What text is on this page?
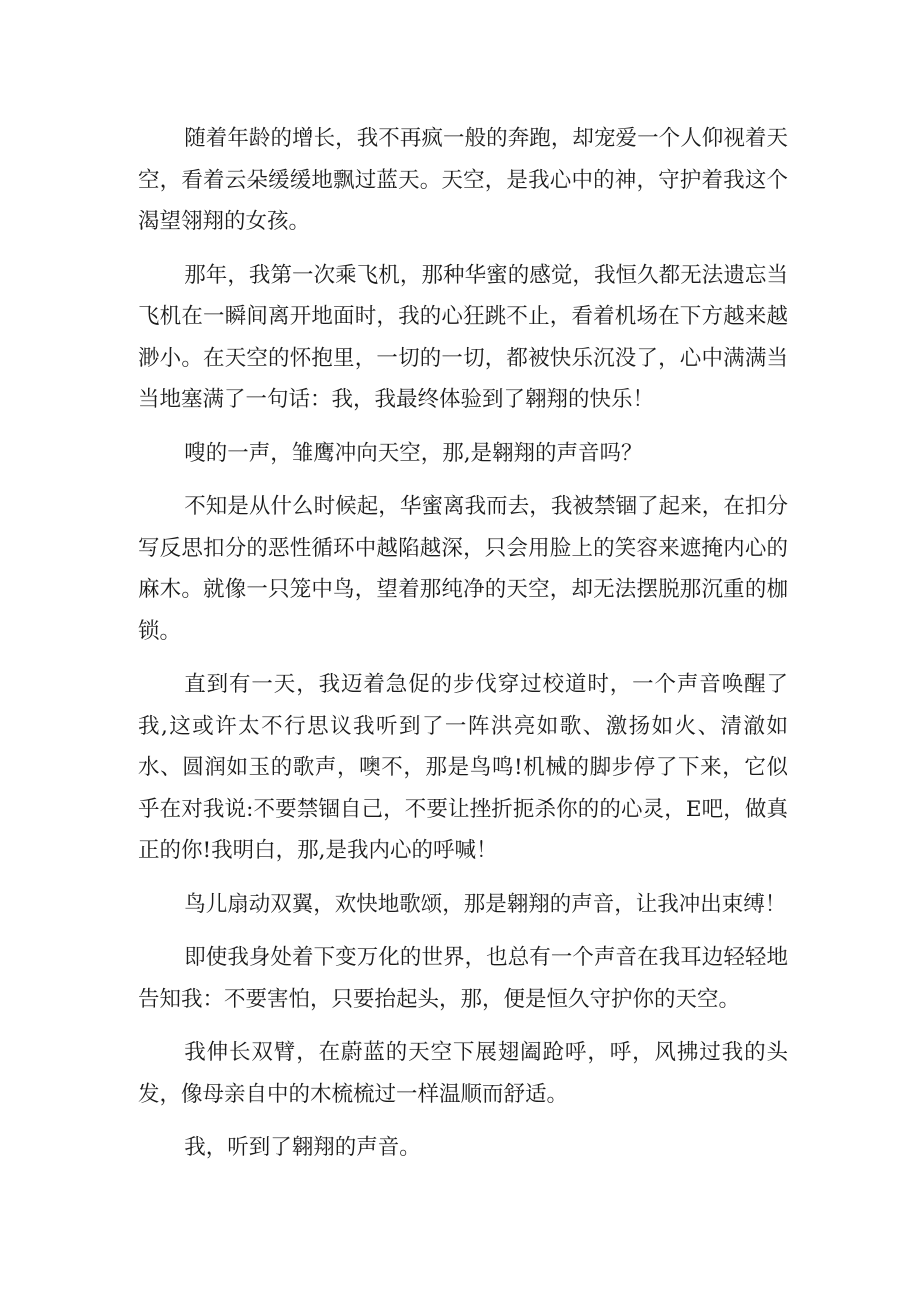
随着年龄的增长，我不再疯一般的奔跑，却宠爱一个人仰视着天空，看着云朵缓缓地飘过蓝天。天空，是我心中的神，守护着我这个渴望翎翔的女孩。

那年，我第一次乘飞机，那种华蜜的感觉，我恒久都无法遗忘当飞机在一瞬间离开地面时，我的心狂跳不止，看着机场在下方越来越渺小。在天空的怀抱里，一切的一切，都被快乐沉没了，心中满满当当地塞满了一句话：我，我最终体验到了翱翔的快乐！

嗖的一声，雏鹰冲向天空，那,是翱翔的声音吗？

不知是从什么时候起，华蜜离我而去，我被禁锢了起来，在扣分写反思扣分的恶性循环中越陷越深，只会用脸上的笑容来遮掩内心的麻木。就像一只笼中鸟，望着那纯净的天空，却无法摆脱那沉重的枷锁。

直到有一天，我迈着急促的步伐穿过校道时，一个声音唤醒了我,这或许太不行思议我听到了一阵洪亮如歌、激扬如火、清澈如水、圆润如玉的歌声，噢不，那是鸟鸣!机械的脚步停了下来，它似乎在对我说:不要禁锢自己，不要让挫折扼杀你的的心灵，E吧，做真正的你!我明白，那,是我内心的呼喊！

鸟儿扇动双翼，欢快地歌颂，那是翱翔的声音，让我冲出束缚！

即使我身处着下变万化的世界，也总有一个声音在我耳边轻轻地告知我：不要害怕，只要抬起头，那，便是恒久守护你的天空。

我伸长双臂，在蔚蓝的天空下展翅阖跄呼，呼，风拂过我的头发，像母亲自中的木梳梳过一样温顺而舒适。

我，听到了翱翔的声音。
